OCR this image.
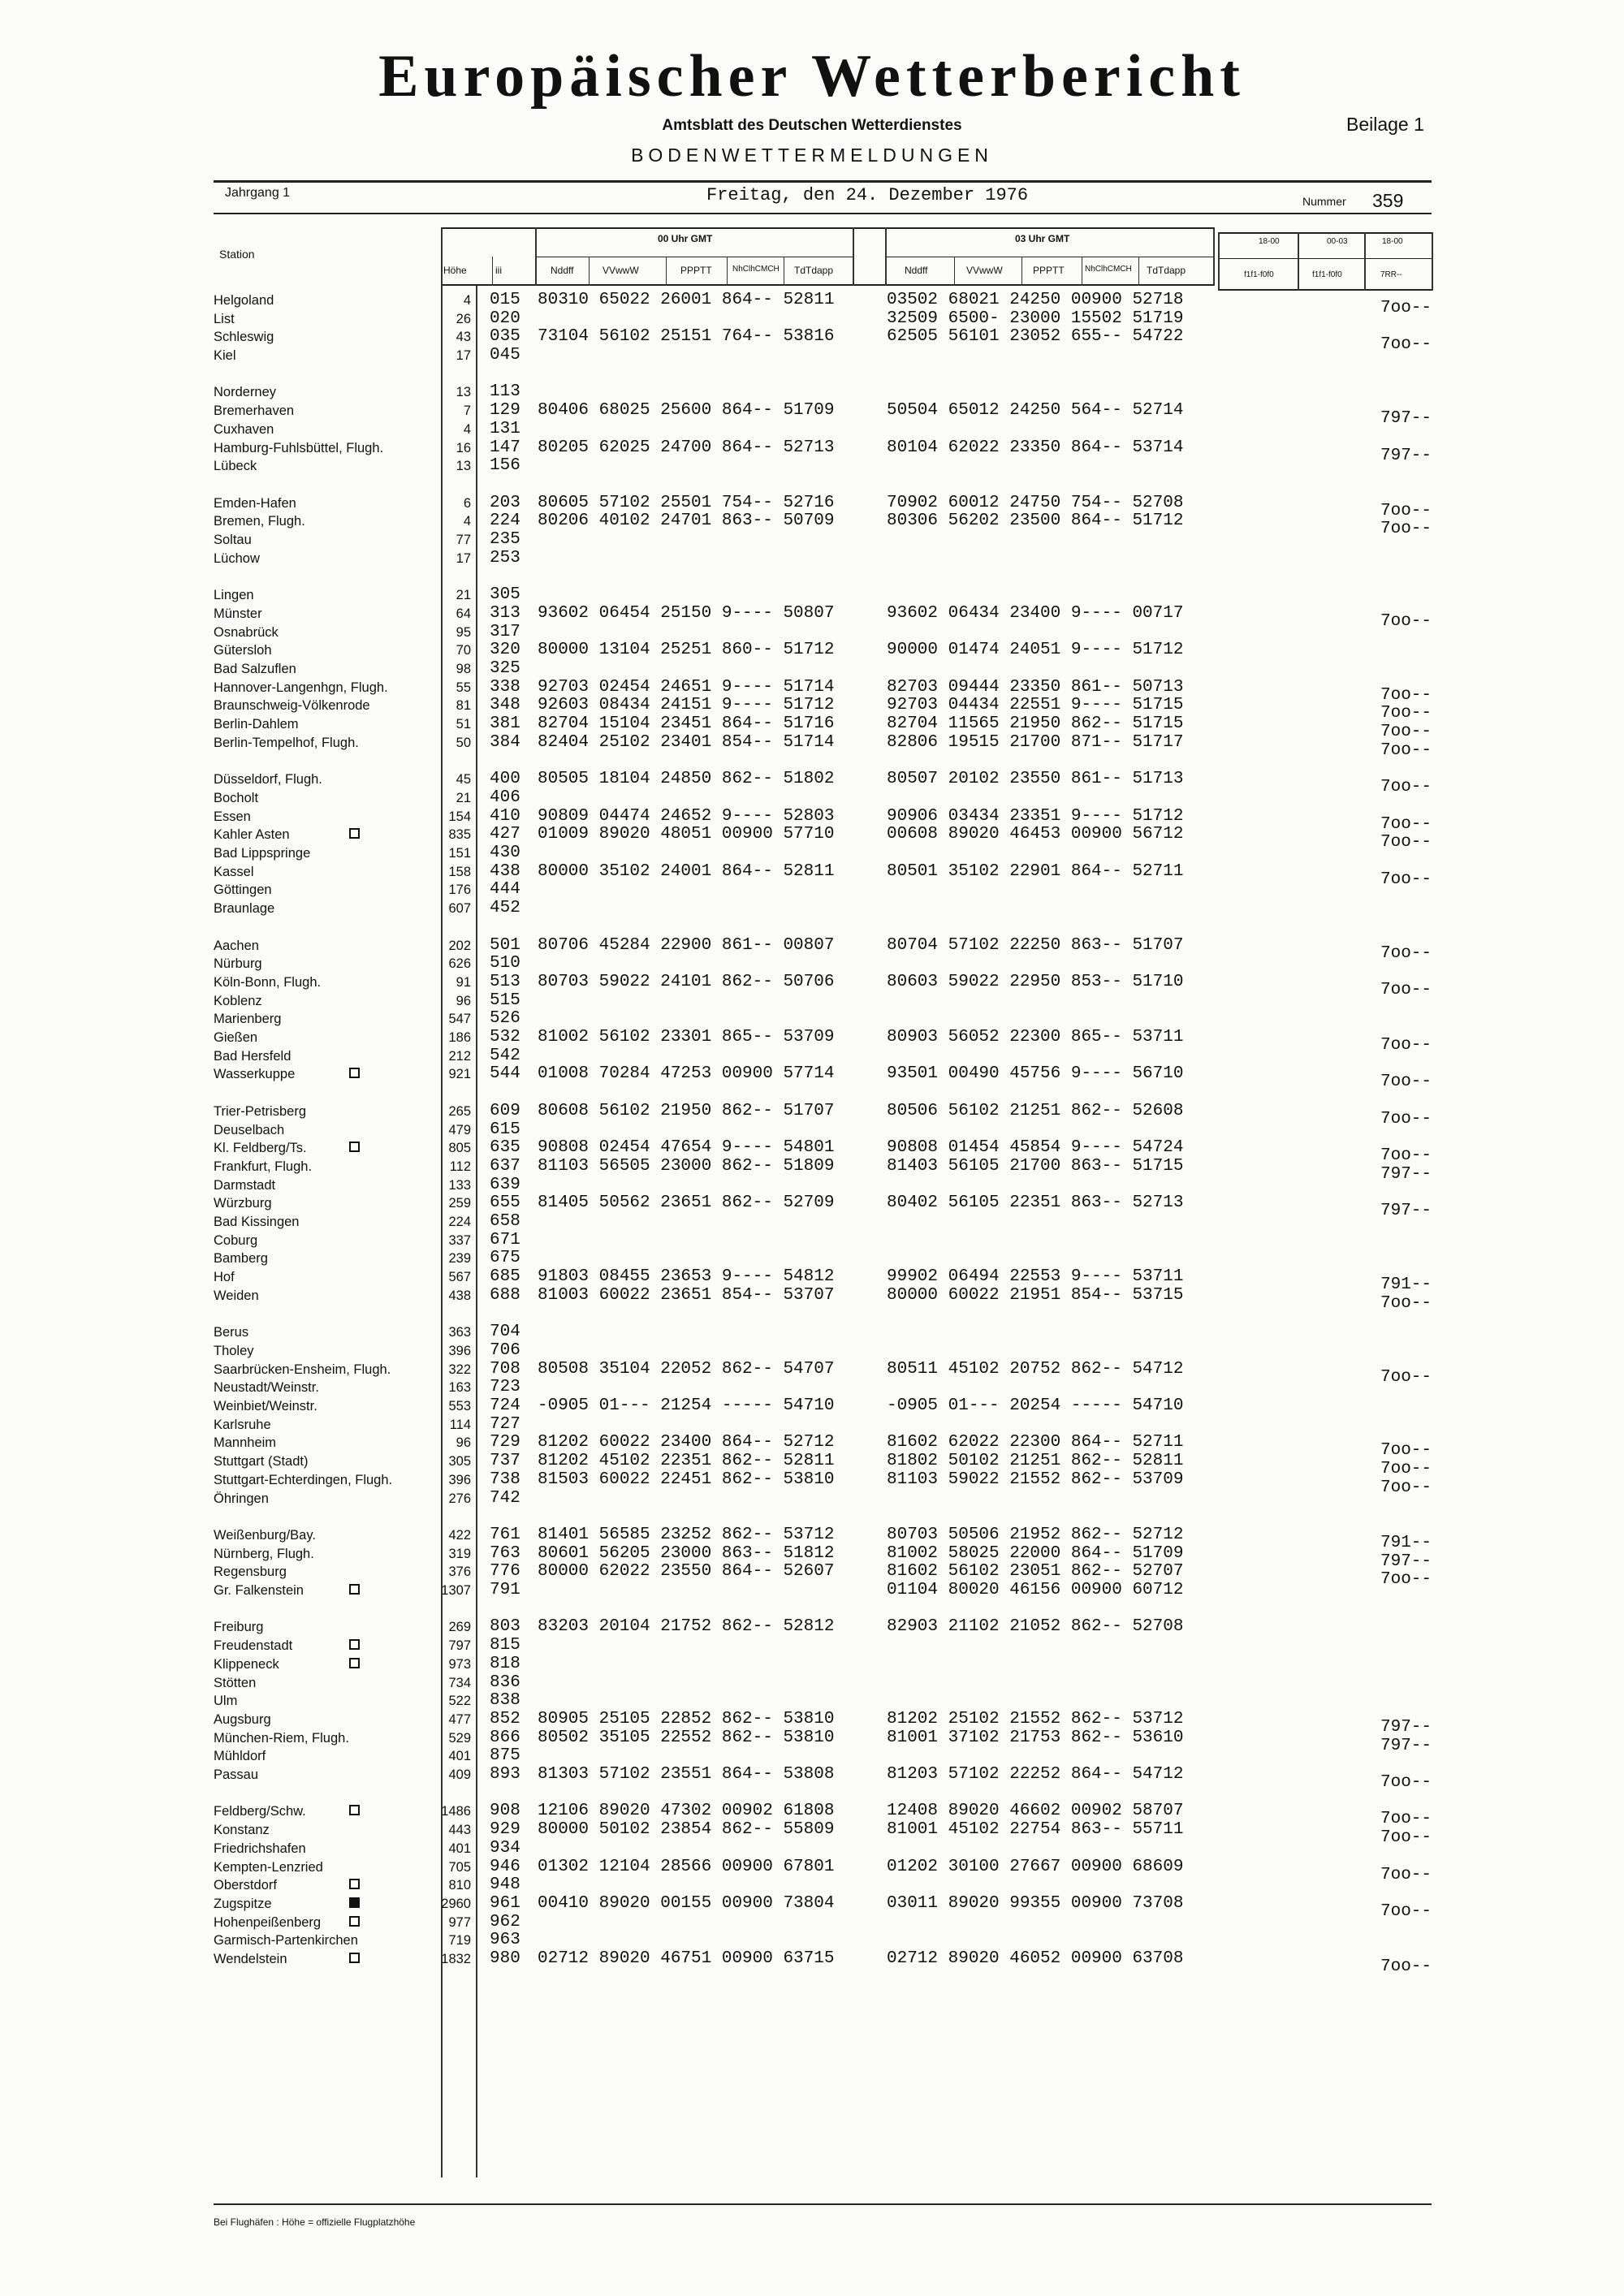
Europäischer Wetterbericht
Amtsblatt des Deutschen Wetterdienstes	Beilage 1
BODENWETTERMELDUNGEN
Jahrgang 1	Freitag, den 24. Dezember 1976	Nummer 359
Station
Höhe	iii
00 Uhr GMT	03 Uhr GMT
Nddff	VVwwW	PPPTT	NhClhCMCH TdTdapp	Nddff	VVwwW	PPPTT	NhClhCMCH TdTdapp
18-00	00-03	18-00
f1f1-f0f0	f1f1-f0f0	7RR--
Helgoland	4 015 80310 65022 26001 864-- 52811	03502 68021 24250 00900 52718	7oo--
List	26 020	32509 6500- 23000 15502 51719
Schleswig	43 035 73104 56102 25151 764-- 53816	62505 56101 23052 655-- 54722	7oo--
Kiel	17 045
Norderney	13 113
Bremerhaven	7 129 80406 68025 25600 864-- 51709	50504 65012 24250 564-- 52714	797--
Cuxhaven	4 131
Hamburg-Fuhlsbüttel, Flugh.	16 147 80205 62025 24700 864-- 52713	80104 62022 23350 864-- 53714	797--
Lübeck	13 156
Emden-Hafen	6 203 80605 57102 25501 754-- 52716	70902 60012 24750 754-- 52708	7oo--
Bremen, Flugh.	4 224 80206 40102 24701 863-- 50709	80306 56202 23500 864-- 51712	7oo--
Soltau	77 235
Lüchow	17 253
Lingen	21 305
Münster	64 313 93602 06454 25150 9---- 50807	93602 06434 23400 9---- 00717	7oo--
Osnabrück	95 317
Gütersloh	70 320 80000 13104 25251 860-- 51712	90000 01474 24051 9---- 51712
Bad Salzuflen	98 325
Hannover-Langenhgn, Flugh.	55 338 92703 02454 24651 9---- 51714	82703 09444 23350 861-- 50713	7oo--
Braunschweig-Völkenrode	81 348 92603 08434 24151 9---- 51712	92703 04434 22551 9---- 51715	7oo--
Berlin-Dahlem	51 381 82704 15104 23451 864-- 51716	82704 11565 21950 862-- 51715	7oo--
Berlin-Tempelhof, Flugh.	50 384 82404 25102 23401 854-- 51714	82806 19515 21700 871-- 51717	7oo--
Düsseldorf, Flugh.	45 400 80505 18104 24850 862-- 51802	80507 20102 23550 861-- 51713	7oo--
Bocholt	21 406
Essen	154 410 90809 04474 24652 9---- 52803	90906 03434 23351 9---- 51712	7oo--
Kahler Asten	835 427 01009 89020 48051 00900 57710	00608 89020 46453 00900 56712	7oo--
Bad Lippspringe	151 430
Kassel	158 438 80000 35102 24001 864-- 52811	80501 35102 22901 864-- 52711	7oo--
Göttingen	176 444
Braunlage	607 452
Aachen	202 501 80706 45284 22900 861-- 00807	80704 57102 22250 863-- 51707	7oo--
Nürburg	626 510
Köln-Bonn, Flugh.	91 513 80703 59022 24101 862-- 50706	80603 59022 22950 853-- 51710	7oo--
Koblenz	96 515
Marienberg	547 526
Gießen	186 532 81002 56102 23301 865-- 53709	80903 56052 22300 865-- 53711	7oo--
Bad Hersfeld	212 542
Wasserkuppe	921 544 01008 70284 47253 00900 57714	93501 00490 45756 9---- 56710	7oo--
Trier-Petrisberg	265 609 80608 56102 21950 862-- 51707	80506 56102 21251 862-- 52608	7oo--
Deuselbach	479 615
Kl. Feldberg/Ts.	805 635 90808 02454 47654 9---- 54801	90808 01454 45854 9---- 54724	7oo--
Frankfurt, Flugh.	112 637 81103 56505 23000 862-- 51809	81403 56105 21700 863-- 51715	797--
Darmstadt	133 639
Würzburg	259 655 81405 50562 23651 862-- 52709	80402 56105 22351 863-- 52713	797--
Bad Kissingen	224 658
Coburg	337 671
Bamberg	239 675
Hof	567 685 91803 08455 23653 9---- 54812	99902 06494 22553 9---- 53711	791--
Weiden	438 688 81003 60022 23651 854-- 53707	80000 60022 21951 854-- 53715	7oo--
Berus	363 704
Tholey	396 706
Saarbrücken-Ensheim, Flugh.	322 708 80508 35104 22052 862-- 54707	80511 45102 20752 862-- 54712	7oo--
Neustadt/Weinstr.	163 723
Weinbiet/Weinstr.	553 724 -0905 01--- 21254 ----- 54710	-0905 01--- 20254 ----- 54710
Karlsruhe	114 727
Mannheim	96 729 81202 60022 23400 864-- 52712	81602 62022 22300 864-- 52711	7oo--
Stuttgart (Stadt)	305 737 81202 45102 22351 862-- 52811	81802 50102 21251 862-- 52811	7oo--
Stuttgart-Echterdingen, Flugh.	396 738 81503 60022 22451 862-- 53810	81103 59022 21552 862-- 53709	7oo--
Öhringen	276 742
Weißenburg/Bay.	422 761 81401 56585 23252 862-- 53712	80703 50506 21952 862-- 52712	791--
Nürnberg, Flugh.	319 763 80601 56205 23000 863-- 51812	81002 58025 22000 864-- 51709	797--
Regensburg	376 776 80000 62022 23550 864-- 52607	81602 56102 23051 862-- 52707	7oo--
Gr. Falkenstein	1307 791	01104 80020 46156 00900 60712
Freiburg	269 803 83203 20104 21752 862-- 52812	82903 21102 21052 862-- 52708
Freudenstadt	797 815
Klippeneck	973 818
Stötten	734 836
Ulm	522 838
Augsburg	477 852 80905 25105 22852 862-- 53810	81202 25102 21552 862-- 53712	797--
München-Riem, Flugh.	529 866 80502 35105 22552 862-- 53810	81001 37102 21753 862-- 53610	797--
Mühldorf	401 875
Passau	409 893 81303 57102 23551 864-- 53808	81203 57102 22252 864-- 54712	7oo--
Feldberg/Schw.	1486 908 12106 89020 47302 00902 61808	12408 89020 46602 00902 58707	7oo--
Konstanz	443 929 80000 50102 23854 862-- 55809	81001 45102 22754 863-- 55711	7oo--
Friedrichshafen	401 934
Kempten-Lenzried	705 946 01302 12104 28566 00900 67801	01202 30100 27667 00900 68609	7oo--
Oberstdorf	810 948
Zugspitze	2960 961 00410 89020 00155 00900 73804	03011 89020 99355 00900 73708	7oo--
Hohenpeißenberg	977 962
Garmisch-Partenkirchen	719 963
Wendelstein	1832 980 02712 89020 46751 00900 63715	02712 89020 46052 00900 63708	7oo--
Bei Flughäfen : Höhe = offizielle Flugplatzhöhe
